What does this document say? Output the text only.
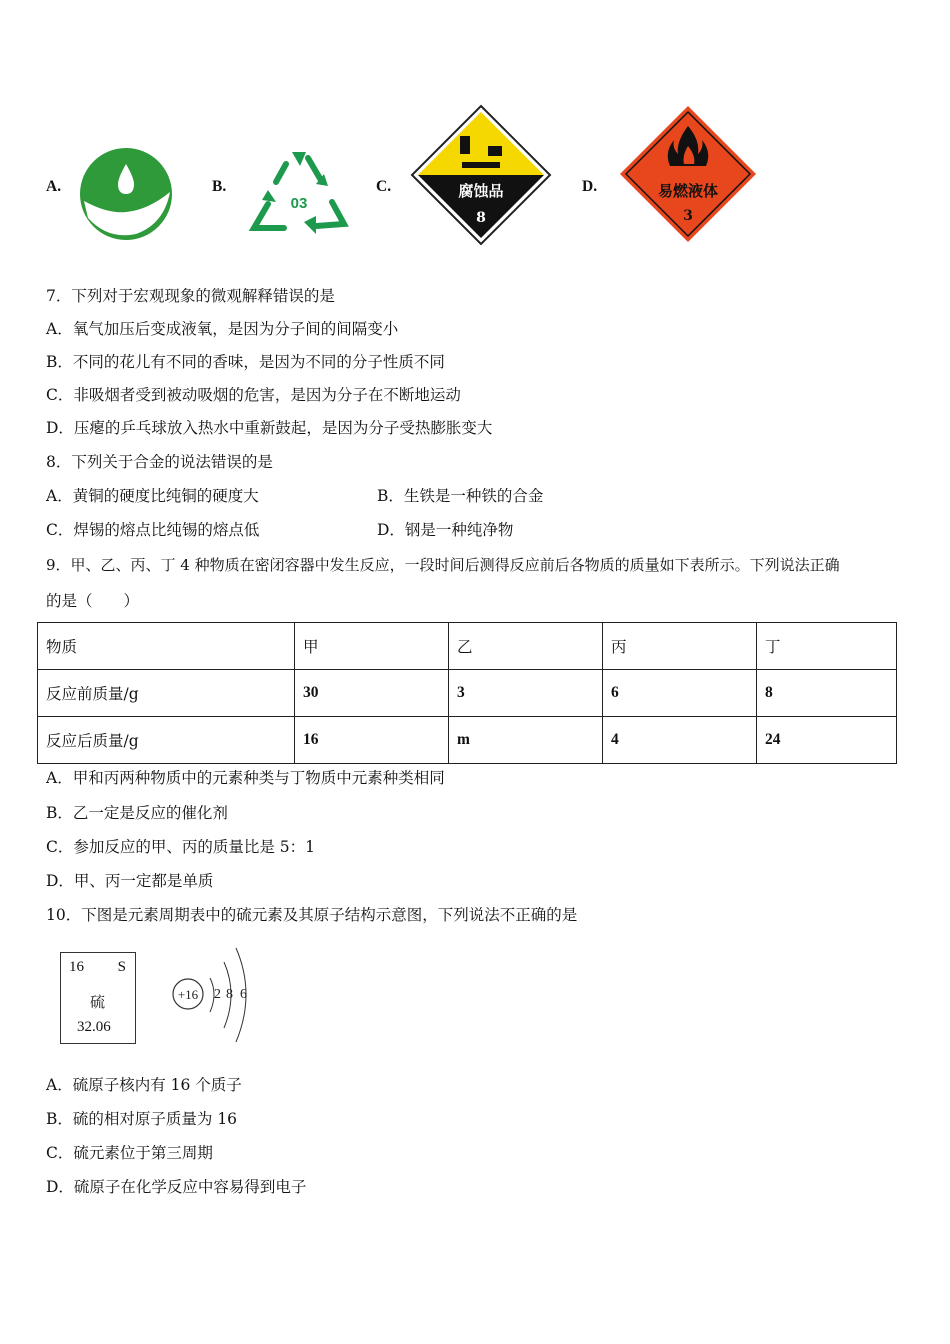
A.	B.
03
C.	腐蚀品
8
D.	易燃液体
3
7．下列对于宏观现象的微观解释错误的是
A．氧气加压后变成液氧，是因为分子间的间隔变小
B．不同的花儿有不同的香味，是因为不同的分子性质不同
C．非吸烟者受到被动吸烟的危害，是因为分子在不断地运动
D．压瘪的乒乓球放入热水中重新鼓起，是因为分子受热膨胀变大
8．下列关于合金的说法错误的是
A．黄铜的硬度比纯铜的硬度大	B．生铁是一种铁的合金
C．焊锡的熔点比纯锡的熔点低	D．钢是一种纯净物
9．甲、乙、丙、丁 4 种物质在密闭容器中发生反应，一段时间后测得反应前后各物质的质量如下表所示。下列说法正确
的是（　　）
物质	甲	乙	丙	丁
反应前质量/g	30	3	6	8
反应后质量/g	16	m	4	24
A．甲和丙两种物质中的元素种类与丁物质中元素种类相同
B．乙一定是反应的催化剂
C．参加反应的甲、丙的质量比是 5：1
D．甲、丙一定都是单质
10．下图是元素周期表中的硫元素及其原子结构示意图，下列说法不正确的是
16 S
硫
32.06
+16 2 8 6
A．硫原子核内有 16 个质子
B．硫的相对原子质量为 16
C．硫元素位于第三周期
D．硫原子在化学反应中容易得到电子
